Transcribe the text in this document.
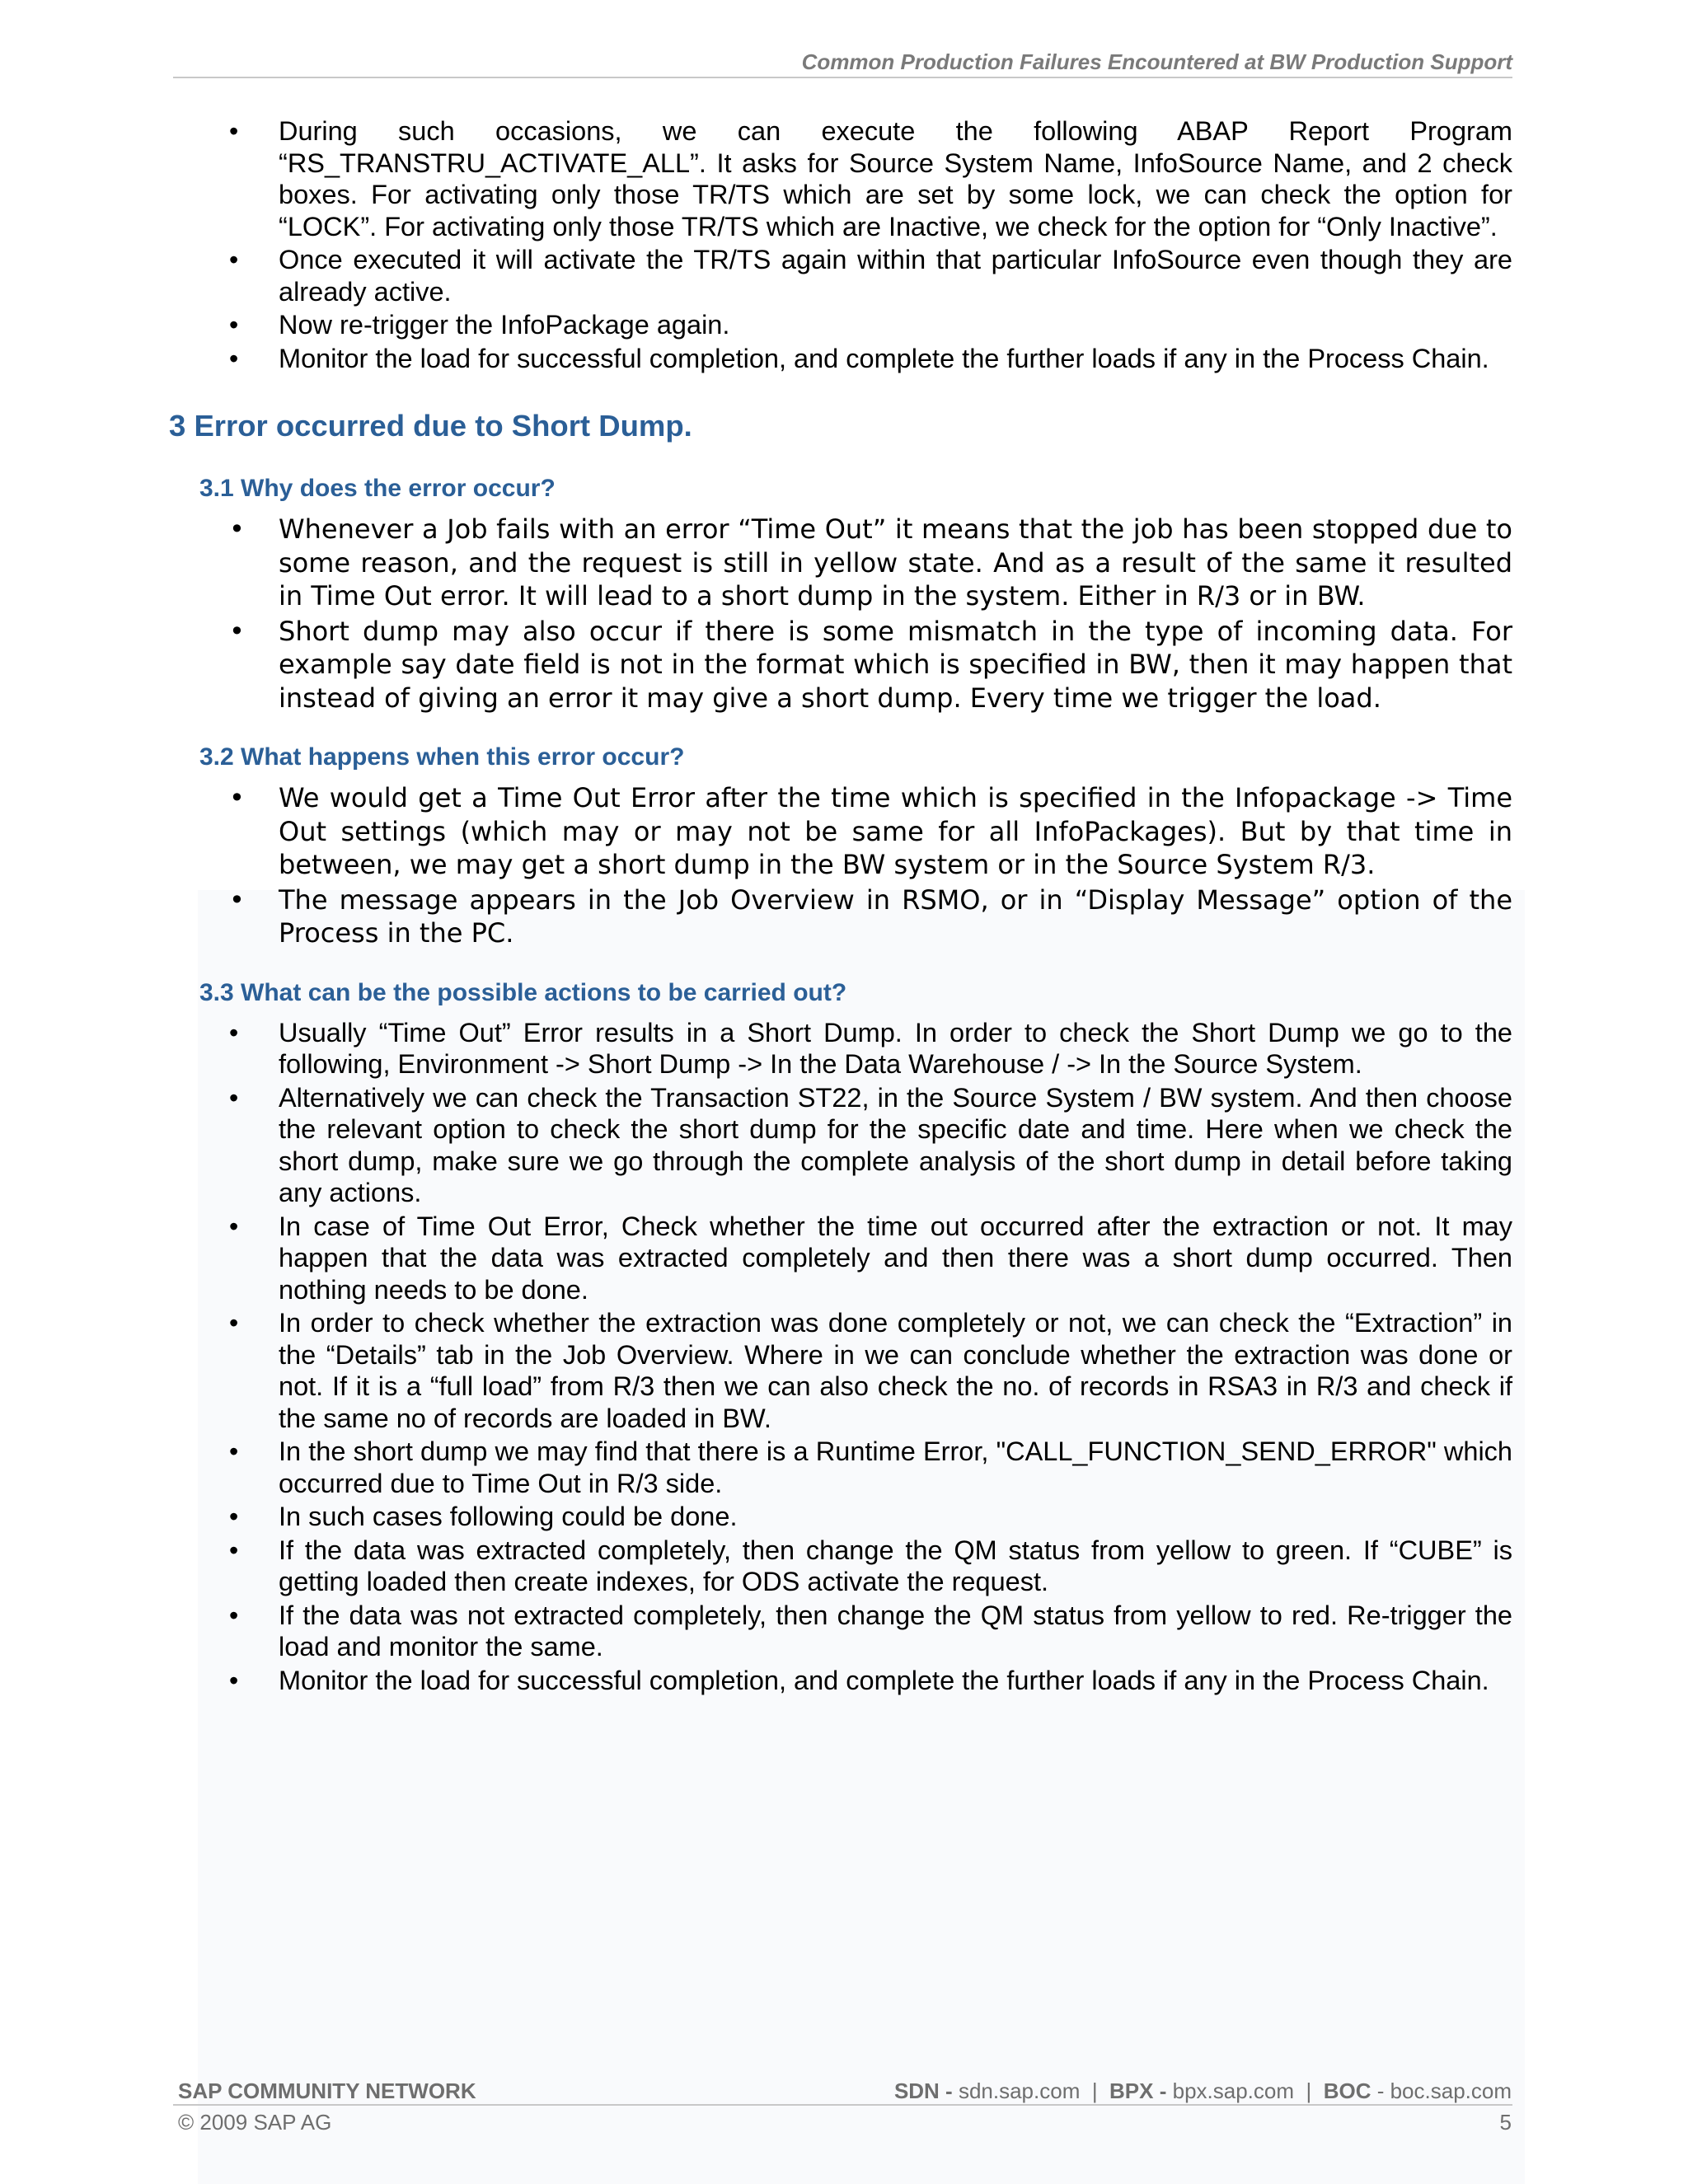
Common Production Failures Encountered at BW Production Support
• During such occasions, we can execute the following ABAP Report Program “RS_TRANSTRU_ACTIVATE_ALL”. It asks for Source System Name, InfoSource Name, and 2 check boxes. For activating only those TR/TS which are set by some lock, we can check the option for “LOCK”. For activating only those TR/TS which are Inactive, we check for the option for “Only Inactive”.
• Once executed it will activate the TR/TS again within that particular InfoSource even though they are already active.
• Now re-trigger the InfoPackage again.
• Monitor the load for successful completion, and complete the further loads if any in the Process Chain.
3 Error occurred due to Short Dump.
3.1 Why does the error occur?
• Whenever a Job fails with an error “Time Out” it means that the job has been stopped due to some reason, and the request is still in yellow state. And as a result of the same it resulted in Time Out error. It will lead to a short dump in the system. Either in R/3 or in BW.
• Short dump may also occur if there is some mismatch in the type of incoming data. For example say date field is not in the format which is specified in BW, then it may happen that instead of giving an error it may give a short dump. Every time we trigger the load.
3.2 What happens when this error occur?
• We would get a Time Out Error after the time which is specified in the Infopackage -> Time Out settings (which may or may not be same for all InfoPackages). But by that time in between, we may get a short dump in the BW system or in the Source System R/3.
• The message appears in the Job Overview in RSMO, or in “Display Message” option of the Process in the PC.
3.3 What can be the possible actions to be carried out?
• Usually “Time Out” Error results in a Short Dump. In order to check the Short Dump we go to the following, Environment -> Short Dump -> In the Data Warehouse / -> In the Source System.
• Alternatively we can check the Transaction ST22, in the Source System / BW system. And then choose the relevant option to check the short dump for the specific date and time. Here when we check the short dump, make sure we go through the complete analysis of the short dump in detail before taking any actions.
• In case of Time Out Error, Check whether the time out occurred after the extraction or not. It may happen that the data was extracted completely and then there was a short dump occurred. Then nothing needs to be done.
• In order to check whether the extraction was done completely or not, we can check the “Extraction” in the “Details” tab in the Job Overview. Where in we can conclude whether the extraction was done or not. If it is a “full load” from R/3 then we can also check the no. of records in RSA3 in R/3 and check if the same no of records are loaded in BW.
• In the short dump we may find that there is a Runtime Error, "CALL_FUNCTION_SEND_ERROR" which occurred due to Time Out in R/3 side.
• In such cases following could be done.
• If the data was extracted completely, then change the QM status from yellow to green. If “CUBE” is getting loaded then create indexes, for ODS activate the request.
• If the data was not extracted completely, then change the QM status from yellow to red. Re-trigger the load and monitor the same.
• Monitor the load for successful completion, and complete the further loads if any in the Process Chain.
SAP COMMUNITY NETWORK	SDN - sdn.sap.com | BPX - bpx.sap.com | BOC - boc.sap.com
© 2009 SAP AG	5
